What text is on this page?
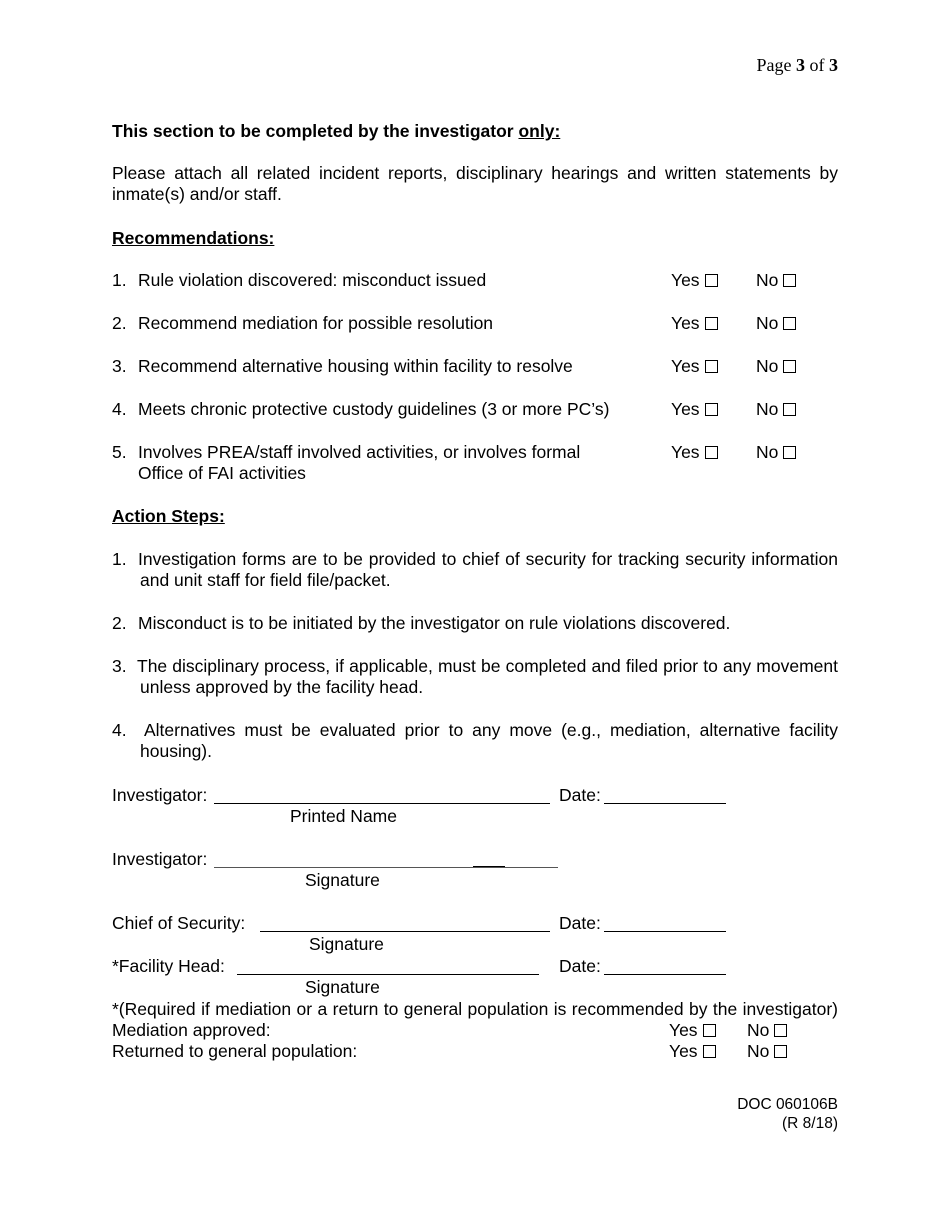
Page 3 of 3
This section to be completed by the investigator only:
Please attach all related incident reports, disciplinary hearings and written statements by inmate(s) and/or staff.
Recommendations:
1. Rule violation discovered: misconduct issued	Yes	No
2. Recommend mediation for possible resolution	Yes	No
3. Recommend alternative housing within facility to resolve	Yes	No
4. Meets chronic protective custody guidelines (3 or more PC’s)	Yes	No
5. Involves PREA/staff involved activities, or involves formal
Office of FAI activities
Yes	No
Action Steps:
1. Investigation forms are to be provided to chief of security for tracking security information and unit staff for field file/packet.
2. Misconduct is to be initiated by the investigator on rule violations discovered.
3. The disciplinary process, if applicable, must be completed and filed prior to any movement unless approved by the facility head.
4. Alternatives must be evaluated prior to any move (e.g., mediation, alternative facility housing).
Investigator:	Date:
Printed Name
Investigator:
Signature
Chief of Security:	Date:
Signature
*Facility Head:	Date:
Signature
*(Required if mediation or a return to general population is recommended by the investigator) Mediation approved:	Yes	No
Returned to general population:	Yes	No
DOC 060106B
(R 8/18)
